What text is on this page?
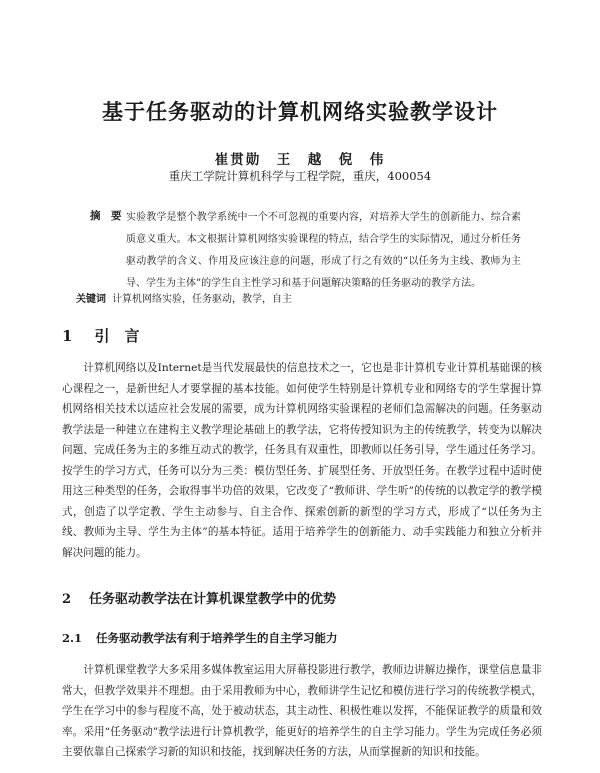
基于任务驱动的计算机网络实验教学设计
崔贯勋　王　越　倪　伟
重庆工学院计算机科学与工程学院，重庆，400054
摘　要 实验教学是整个教学系统中一个不可忽视的重要内容，对培养大学生的创新能力、综合素质意义重大。本文根据计算机网络实验课程的特点，结合学生的实际情况，通过分析任务驱动教学的含义、作用及应该注意的问题，形成了行之有效的“以任务为主线、教师为主导、学生为主体”的学生自主性学习和基于问题解决策略的任务驱动的教学方法。
关键词 计算机网络实验，任务驱动，教学，自主
1 引　言
计算机网络以及Internet是当代发展最快的信息技术之一，它也是非计算机专业计算机基础课的核心课程之一，是新世纪人才要掌握的基本技能。如何使学生特别是计算机专业和网络专的学生掌握计算机网络相关技术以适应社会发展的需要，成为计算机网络实验课程的老师们急需解决的问题。任务驱动教学法是一种建立在建构主义教学理论基础上的教学法，它将传授知识为主的传统教学，转变为以解决问题、完成任务为主的多维互动式的教学，任务具有双重性，即教师以任务引导，学生通过任务学习。按学生的学习方式，任务可以分为三类：模仿型任务、扩展型任务、开放型任务。在教学过程中适时使用这三种类型的任务，会取得事半功倍的效果，它改变了“教师讲、学生听”的传统的以教定学的教学模式，创造了以学定教、学生主动参与、自主合作、探索创新的新型的学习方式，形成了“以任务为主线、教师为主导、学生为主体”的基本特征。适用于培养学生的创新能力、动手实践能力和独立分析并解决问题的能力。
2 任务驱动教学法在计算机课堂教学中的优势
2.1 任务驱动教学法有利于培养学生的自主学习能力
计算机课堂教学大多采用多媒体教室运用大屏幕投影进行教学，教师边讲解边操作，课堂信息量非常大，但教学效果并不理想。由于采用教师为中心，教师讲学生记忆和模仿进行学习的传统教学模式，学生在学习中的参与程度不高，处于被动状态，其主动性、积极性难以发挥，不能保证教学的质量和效率。采用“任务驱动”教学法进行计算机教学，能更好的培养学生的自主学习能力。学生为完成任务必须主要依靠自己探索学习新的知识和技能，找到解决任务的方法，从而掌握新的知识和技能。
